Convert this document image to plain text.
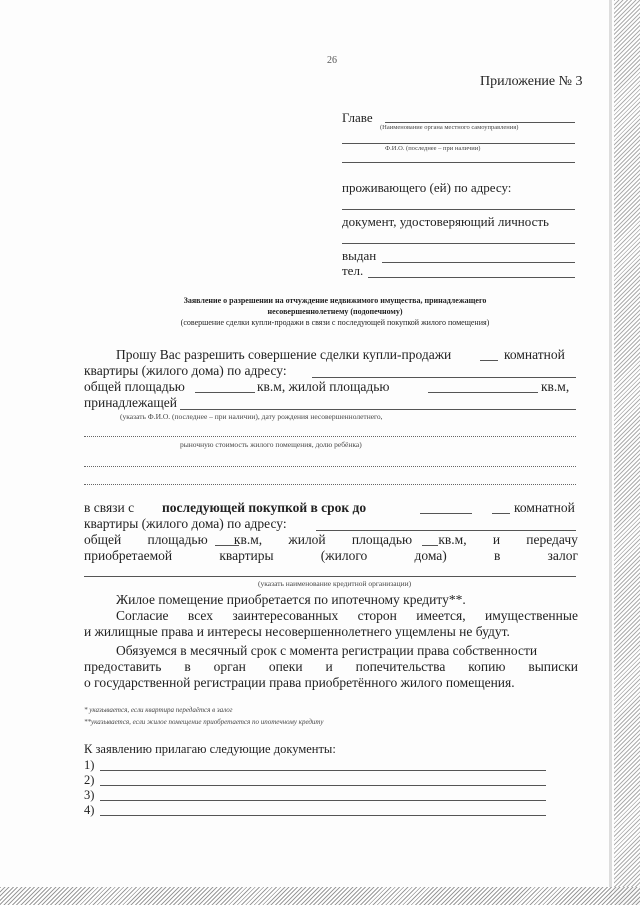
26
Приложение № 3
Главе
(Наименование органа местного самоуправления)
Ф.И.О. (последнее – при наличии)
проживающего (ей) по адресу:
документ, удостоверяющий личность
выдан
тел.
Заявление о разрешении на отчуждение недвижимого имущества, принадлежащего
несовершеннолетнему (подопечному)
(совершение сделки купли-продажи в связи с последующей покупкой жилого помещения)
Прошу Вас разрешить совершение сделки купли-продажи	комнатной
квартиры (жилого дома) по адресу:
общей площадью	кв.м, жилой площадью	кв.м,
принадлежащей
(указать Ф.И.О. (последнее – при наличии), дату рождения несовершеннолетнего,
рыночную стоимость жилого помещения, долю ребёнка)
в связи с последующей покупкой в срок до	комнатной
квартиры (жилого дома) по адресу:
общей площадью кв.м, жилой площадью кв.м, и передачу
приобретаемой	квартиры	(жилого	дома)	в	залог
(указать наименование кредитной организации)
Жилое помещение приобретается по ипотечному кредиту**.
Согласие всех заинтересованных сторон имеется, имущественные
и жилищные права и интересы несовершеннолетнего ущемлены не будут.
Обязуемся в месячный срок с момента регистрации права собственности
предоставить в орган опеки и попечительства копию выписки
о государственной регистрации права приобретённого жилого помещения.
* указывается, если квартира передаётся в залог
**указывается, если жилое помещение приобретается по ипотечному кредиту
К заявлению прилагаю следующие документы:
1)
2)
3)
4)
